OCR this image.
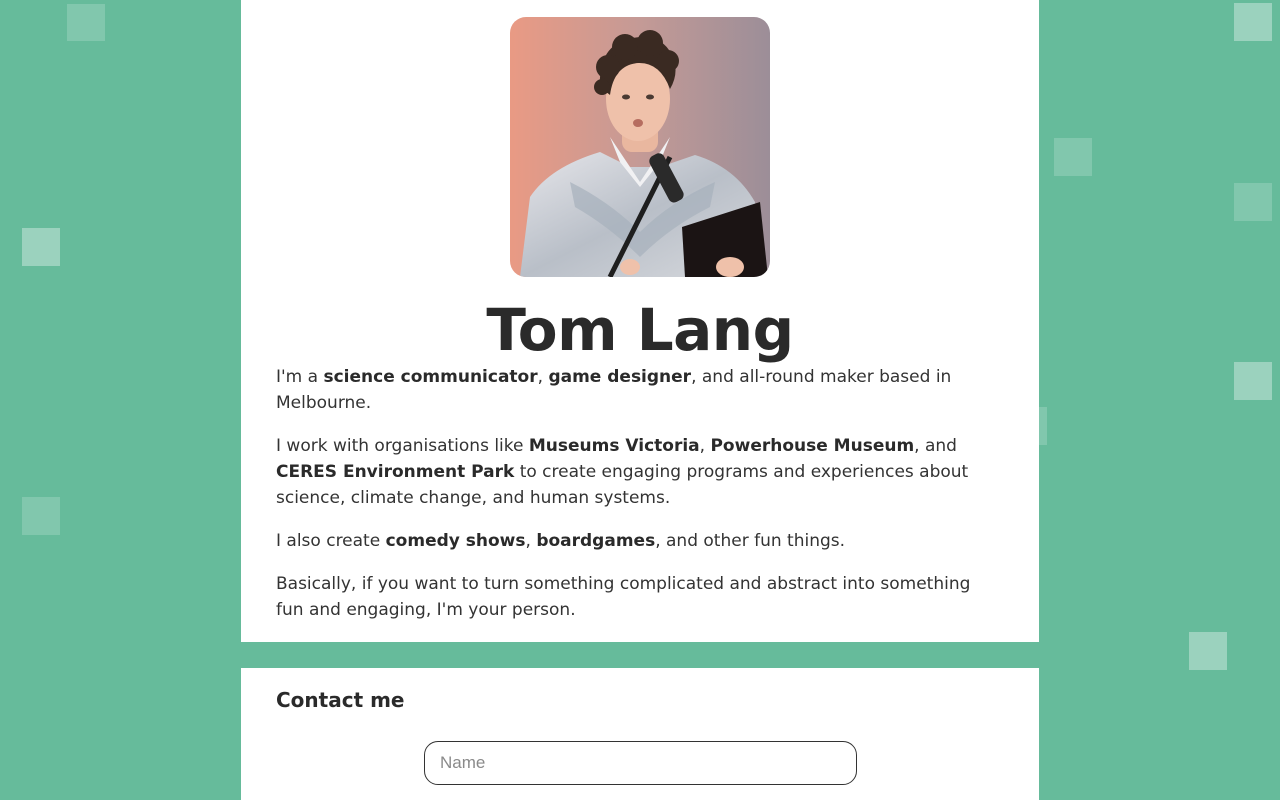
Tom Lang

I'm a science communicator, game designer, and all-round maker based in Melbourne.

I work with organisations like Museums Victoria, Powerhouse Museum, and CERES Environment Park to create engaging programs and experiences about science, climate change, and human systems.

I also create comedy shows, boardgames, and other fun things.

Basically, if you want to turn something complicated and abstract into something fun and engaging, I'm your person.

Contact me
Name
